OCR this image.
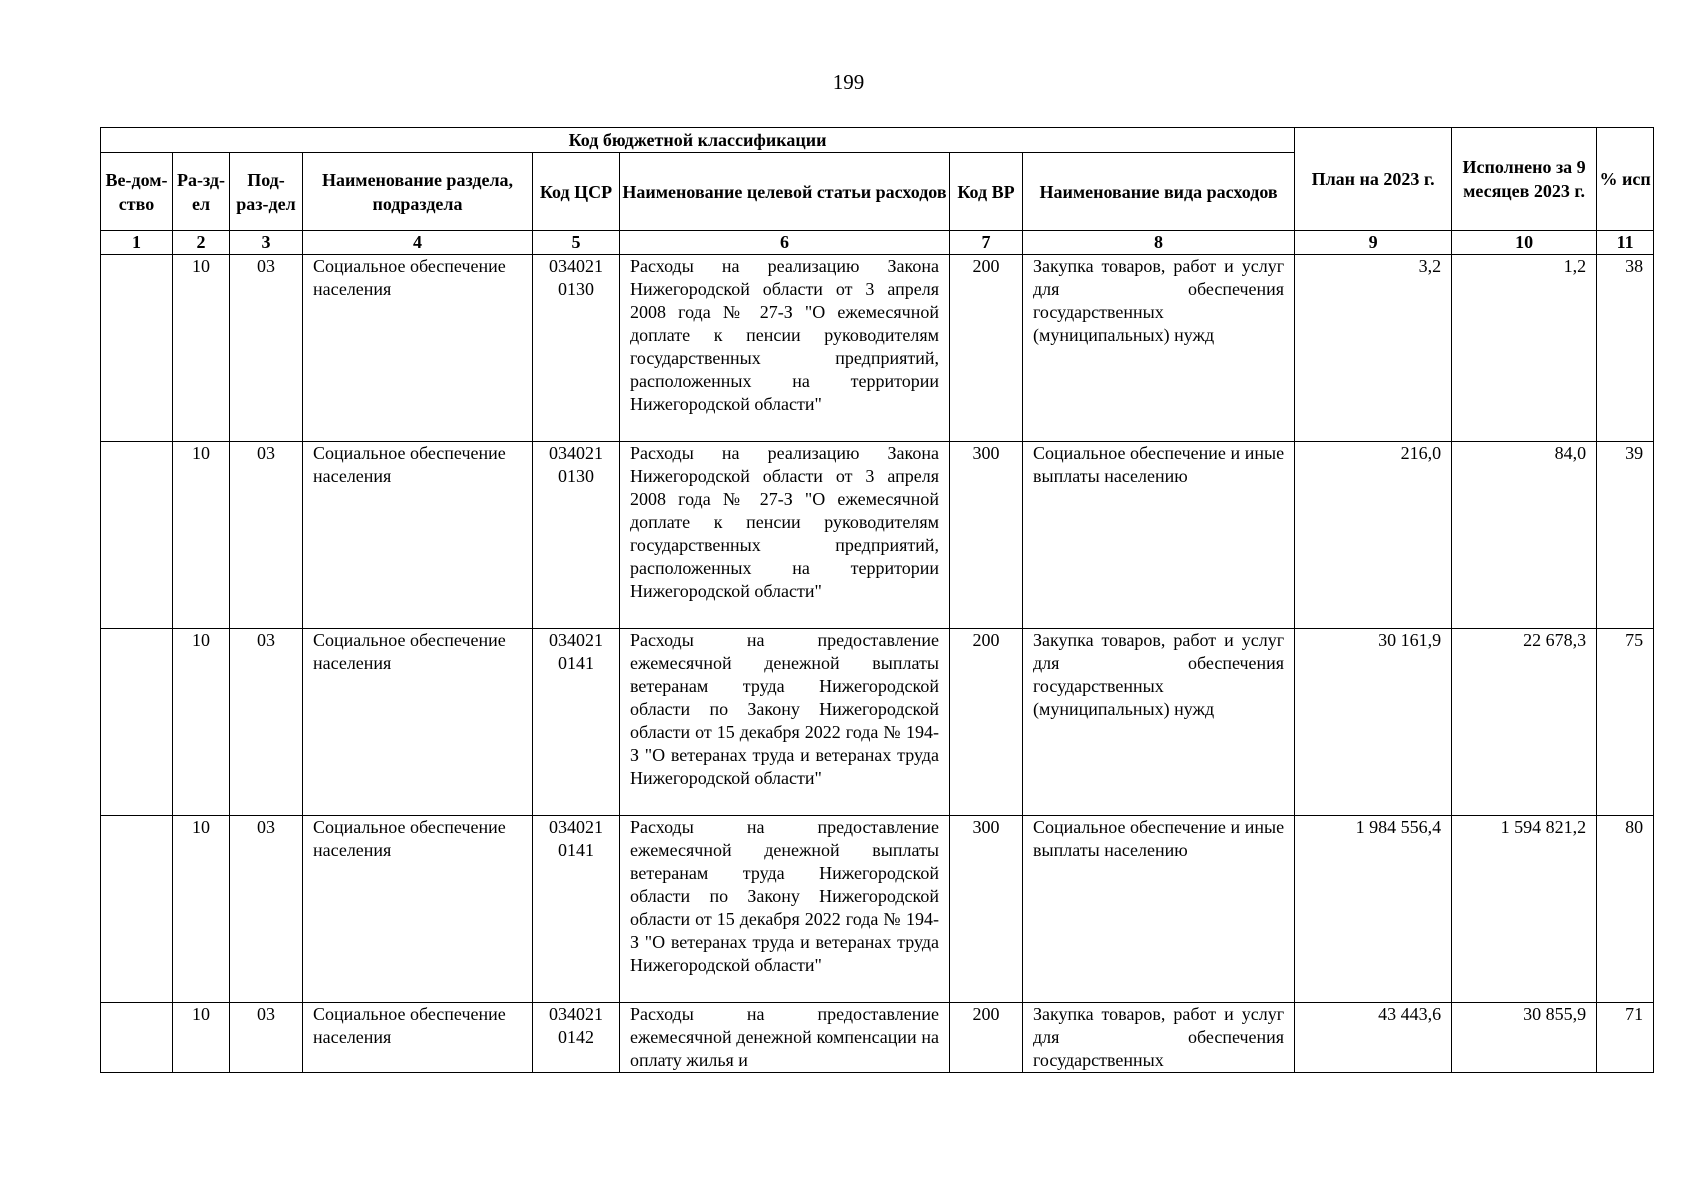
199
Код бюджетной классификации								План на 2023 г.	Исполнено за 9 месяцев 2023 г.	% исп
Ве-дом-ство	Ра-зд-ел	Под-раз-дел	Наименование раздела, подраздела	Код ЦСР	Наименование целевой статьи расходов	Код ВР	Наименование вида расходов			
1	2	3	4	5	6	7	8	9	10	11
	10	03	Социальное обеспечение населения	034021 0130	Расходы на реализацию Закона Нижегородской области от 3 апреля 2008 года № 27-З "О ежемесячной доплате к пенсии руководителям государственных предприятий, расположенных на территории Нижегородской области"	200	Закупка товаров, работ и услуг для обеспечения государственных (муниципальных) нужд	3,2	1,2	38
	10	03	Социальное обеспечение населения	034021 0130	Расходы на реализацию Закона Нижегородской области от 3 апреля 2008 года № 27-З "О ежемесячной доплате к пенсии руководителям государственных предприятий, расположенных на территории Нижегородской области"	300	Социальное обеспечение и иные выплаты населению	216,0	84,0	39
	10	03	Социальное обеспечение населения	034021 0141	Расходы на предоставление ежемесячной денежной выплаты ветеранам труда Нижегородской области по Закону Нижегородской области от 15 декабря 2022 года № 194-З "О ветеранах труда и ветеранах труда Нижегородской области"	200	Закупка товаров, работ и услуг для обеспечения государственных (муниципальных) нужд	30 161,9	22 678,3	75
	10	03	Социальное обеспечение населения	034021 0141	Расходы на предоставление ежемесячной денежной выплаты ветеранам труда Нижегородской области по Закону Нижегородской области от 15 декабря 2022 года № 194-З "О ветеранах труда и ветеранах труда Нижегородской области"	300	Социальное обеспечение и иные выплаты населению	1 984 556,4	1 594 821,2	80
	10	03	Социальное обеспечение населения	034021 0142	Расходы на предоставление ежемесячной денежной компенсации на оплату жилья и	200	Закупка товаров, работ и услуг для обеспечения государственных	43 443,6	30 855,9	71
